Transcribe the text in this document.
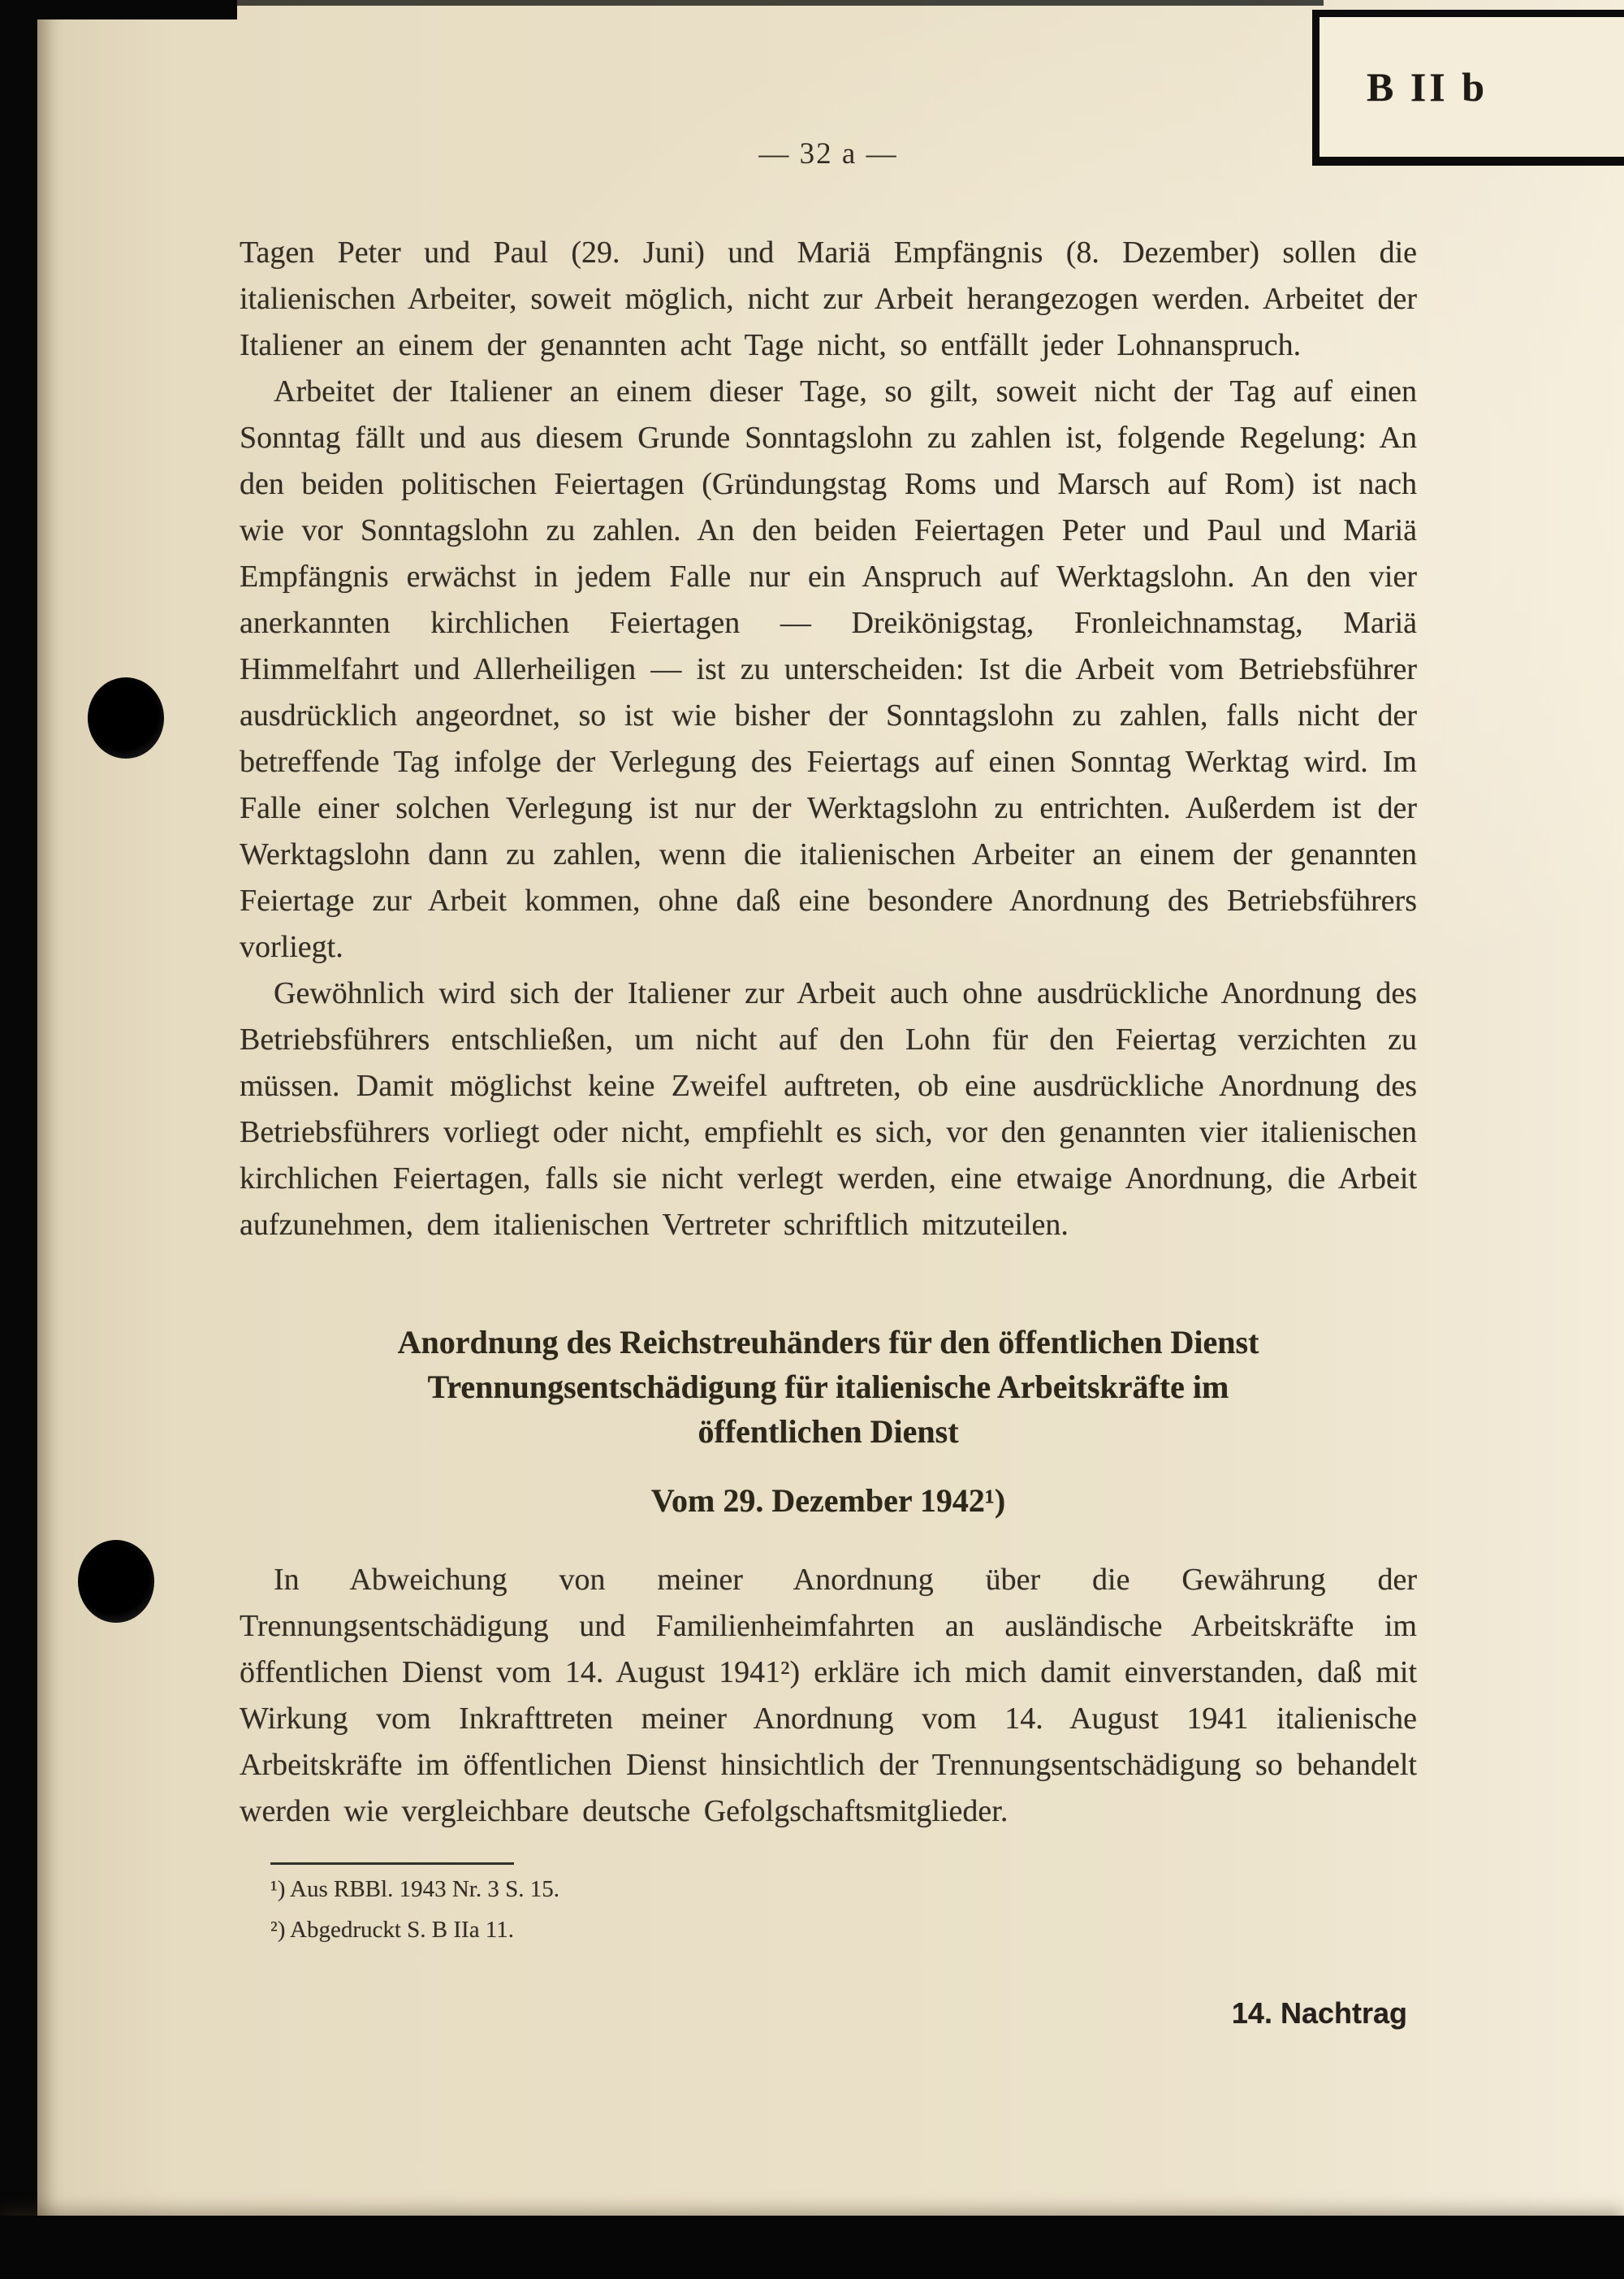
B II b
— 32 a —

Tagen Peter und Paul (29. Juni) und Mariä Empfängnis (8. Dezember) sollen die italienischen Arbeiter, soweit möglich, nicht zur Arbeit herangezogen werden. Arbeitet der Italiener an einem der genannten acht Tage nicht, so entfällt jeder Lohnanspruch.

Arbeitet der Italiener an einem dieser Tage, so gilt, soweit nicht der Tag auf einen Sonntag fällt und aus diesem Grunde Sonntagslohn zu zahlen ist, folgende Regelung: An den beiden politischen Feiertagen (Gründungstag Roms und Marsch auf Rom) ist nach wie vor Sonntagslohn zu zahlen. An den beiden Feiertagen Peter und Paul und Mariä Empfängnis erwächst in jedem Falle nur ein Anspruch auf Werktagslohn. An den vier anerkannten kirchlichen Feiertagen — Dreikönigstag, Fronleichnamstag, Mariä Himmelfahrt und Allerheiligen — ist zu unterscheiden: Ist die Arbeit vom Betriebsführer ausdrücklich angeordnet, so ist wie bisher der Sonntagslohn zu zahlen, falls nicht der betreffende Tag infolge der Verlegung des Feiertags auf einen Sonntag Werktag wird. Im Falle einer solchen Verlegung ist nur der Werktagslohn zu entrichten. Außerdem ist der Werktagslohn dann zu zahlen, wenn die italienischen Arbeiter an einem der genannten Feiertage zur Arbeit kommen, ohne daß eine besondere Anordnung des Betriebsführers vorliegt.

Gewöhnlich wird sich der Italiener zur Arbeit auch ohne ausdrückliche Anordnung des Betriebsführers entschließen, um nicht auf den Lohn für den Feiertag verzichten zu müssen. Damit möglichst keine Zweifel auftreten, ob eine ausdrückliche Anordnung des Betriebsführers vorliegt oder nicht, empfiehlt es sich, vor den genannten vier italienischen kirchlichen Feiertagen, falls sie nicht verlegt werden, eine etwaige Anordnung, die Arbeit aufzunehmen, dem italienischen Vertreter schriftlich mitzuteilen.

Anordnung des Reichstreuhänders für den öffentlichen Dienst
Trennungsentschädigung für italienische Arbeitskräfte im
öffentlichen Dienst
Vom 29. Dezember 1942¹)

In Abweichung von meiner Anordnung über die Gewährung der Trennungsentschädigung und Familienheimfahrten an ausländische Arbeitskräfte im öffentlichen Dienst vom 14. August 1941²) erkläre ich mich damit einverstanden, daß mit Wirkung vom Inkrafttreten meiner Anordnung vom 14. August 1941 italienische Arbeitskräfte im öffentlichen Dienst hinsichtlich der Trennungsentschädigung so behandelt werden wie vergleichbare deutsche Gefolgschaftsmitglieder.

¹) Aus RBBl. 1943 Nr. 3 S. 15.
²) Abgedruckt S. B IIa 11.
14. Nachtrag
